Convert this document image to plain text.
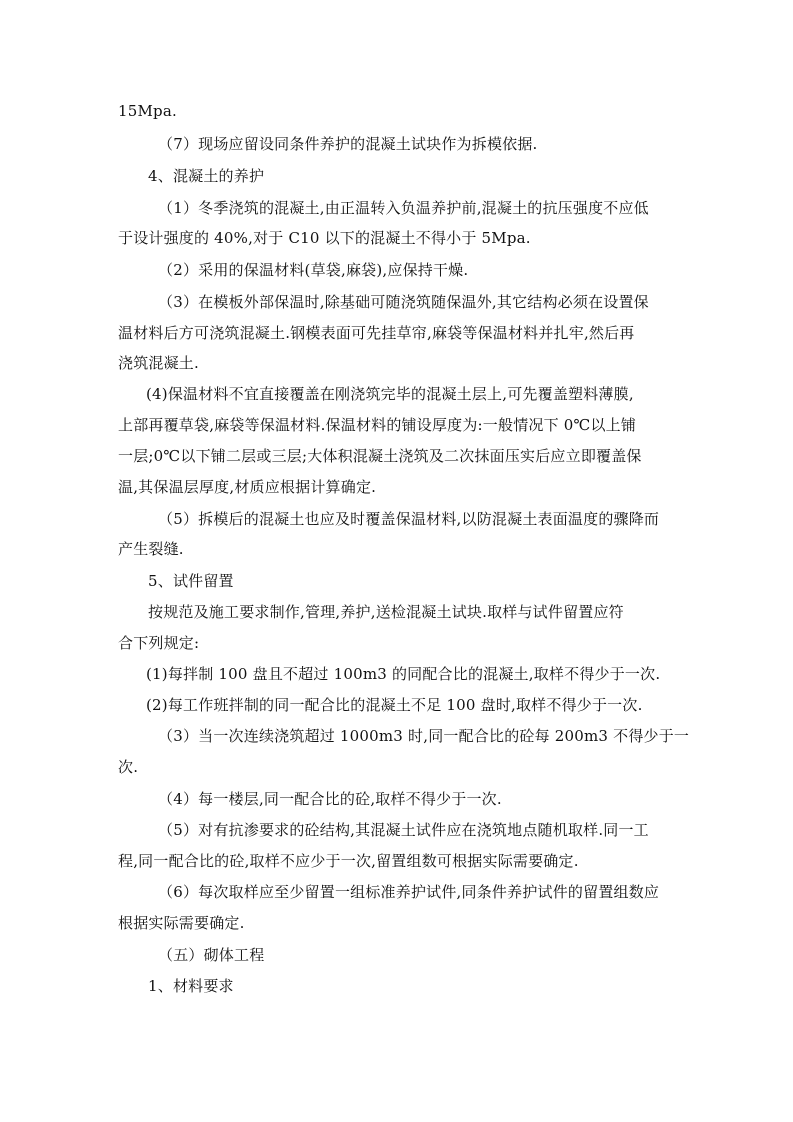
15Mpa.
（7）现场应留设同条件养护的混凝土试块作为拆模依据.
4、混凝土的养护
（1）冬季浇筑的混凝土,由正温转入负温养护前,混凝土的抗压强度不应低
于设计强度的 40%,对于 C10 以下的混凝土不得小于 5Mpa.
（2）采用的保温材料(草袋,麻袋),应保持干燥.
（3）在模板外部保温时,除基础可随浇筑随保温外,其它结构必须在设置保
温材料后方可浇筑混凝土.钢模表面可先挂草帘,麻袋等保温材料并扎牢,然后再
浇筑混凝土.
(4)保温材料不宜直接覆盖在刚浇筑完毕的混凝土层上,可先覆盖塑料薄膜,
上部再覆草袋,麻袋等保温材料.保温材料的铺设厚度为:一般情况下 0℃以上铺
一层;0℃以下铺二层或三层;大体积混凝土浇筑及二次抹面压实后应立即覆盖保
温,其保温层厚度,材质应根据计算确定.
（5）拆模后的混凝土也应及时覆盖保温材料,以防混凝土表面温度的骤降而
产生裂缝.
5、试件留置
按规范及施工要求制作,管理,养护,送检混凝土试块.取样与试件留置应符
合下列规定:
(1)每拌制 100 盘且不超过 100m3 的同配合比的混凝土,取样不得少于一次.
(2)每工作班拌制的同一配合比的混凝土不足 100 盘时,取样不得少于一次.
（3）当一次连续浇筑超过 1000m3 时,同一配合比的砼每 200m3 不得少于一
次.
（4）每一楼层,同一配合比的砼,取样不得少于一次.
（5）对有抗渗要求的砼结构,其混凝土试件应在浇筑地点随机取样.同一工
程,同一配合比的砼,取样不应少于一次,留置组数可根据实际需要确定.
（6）每次取样应至少留置一组标准养护试件,同条件养护试件的留置组数应
根据实际需要确定.
（五）砌体工程
1、材料要求
